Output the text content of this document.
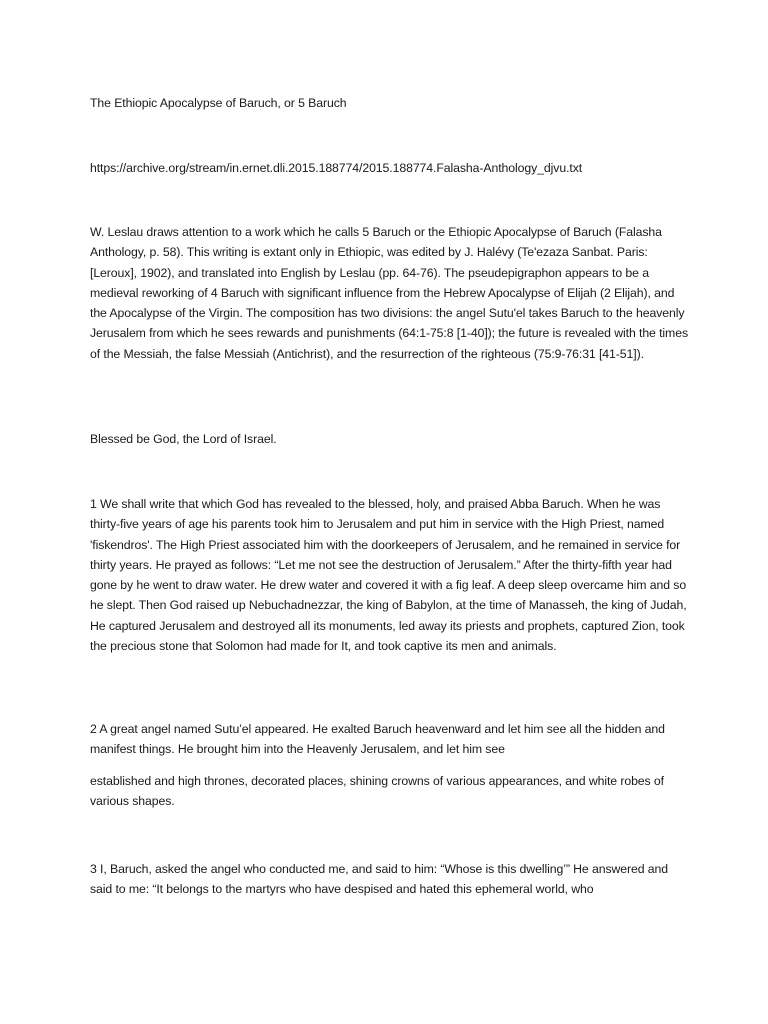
The Ethiopic Apocalypse of Baruch, or 5 Baruch

https://archive.org/stream/in.ernet.dli.2015.188774/2015.188774.Falasha-Anthology_djvu.txt

W. Leslau draws attention to a work which he calls 5 Baruch or the Ethiopic Apocalypse of Baruch (Falasha Anthology, p. 58). This writing is extant only in Ethiopic, was edited by J. Halévy (Te'ezaza Sanbat. Paris: [Leroux], 1902), and translated into English by Leslau (pp. 64-76). The pseudepigraphon appears to be a medieval reworking of 4 Baruch with significant influence from the Hebrew Apocalypse of Elijah (2 Elijah), and the Apocalypse of the Virgin. The composition has two divisions: the angel Sutu'el takes Baruch to the heavenly Jerusalem from which he sees rewards and punishments (64:1-75:8 [1-40]); the future is revealed with the times of the Messiah, the false Messiah (Antichrist), and the resurrection of the righteous (75:9-76:31 [41-51]).

Blessed be God, the Lord of Israel.

1 We shall write that which God has revealed to the blessed, holy, and praised Abba Baruch. When he was thirty-five years of age his parents took him to Jerusalem and put him in service with the High Priest, named 'fiskendros'. The High Priest associated him with the doorkeepers of Jerusalem, and he remained in service for thirty years. He prayed as follows: “Let me not see the destruction of Jerusalem.” After the thirty-fifth year had gone by he went to draw water. He drew water and covered it with a fig leaf. A deep sleep overcame him and so he slept. Then God raised up Nebuchadnezzar, the king of Babylon, at the time of Manasseh, the king of Judah, He captured Jerusalem and destroyed all its monuments, led away its priests and prophets, captured Zion, took the precious stone that Solomon had made for It, and took captive its men and animals.

2 A great angel named Sutu’el appeared. He exalted Baruch heavenward and let him see all the hidden and manifest things. He brought him into the Heavenly Jerusalem, and let him see

established and high thrones, decorated places, shining crowns of various appearances, and white robes of various shapes.

3 I, Baruch, asked the angel who conducted me, and said to him: “Whose is this dwelling’” He answered and said to me: “It belongs to the martyrs who have despised and hated this ephemeral world, who
